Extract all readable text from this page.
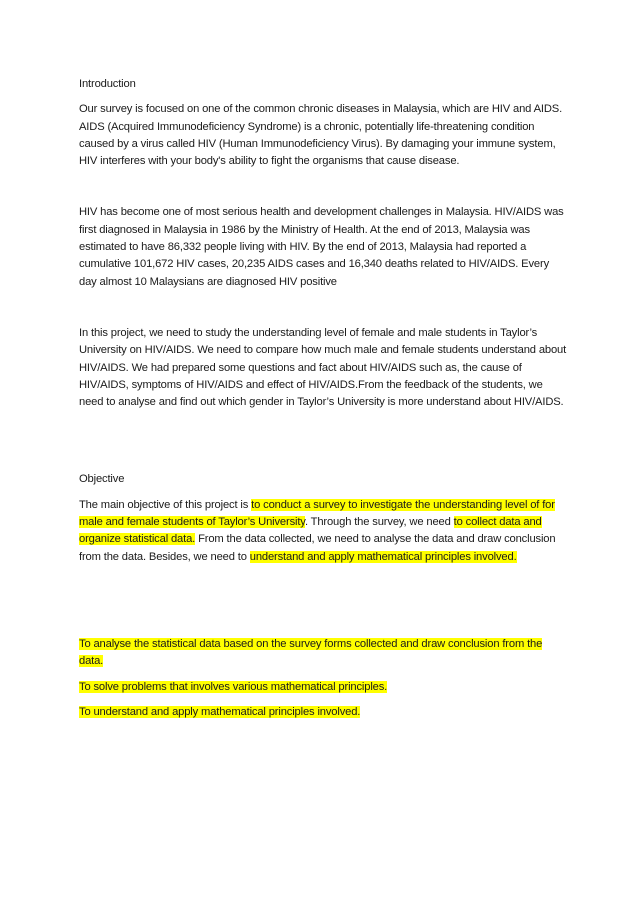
Introduction

Our survey is focused on one of the common chronic diseases in Malaysia, which are HIV and AIDS. AIDS (Acquired Immunodeficiency Syndrome) is a chronic, potentially life-threatening condition caused by a virus called HIV (Human Immunodeficiency Virus). By damaging your immune system, HIV interferes with your body's ability to fight the organisms that cause disease.

HIV has become one of most serious health and development challenges in Malaysia. HIV/AIDS was first diagnosed in Malaysia in 1986 by the Ministry of Health. At the end of 2013, Malaysia was estimated to have 86,332 people living with HIV. By the end of 2013, Malaysia had reported a cumulative 101,672 HIV cases, 20,235 AIDS cases and 16,340 deaths related to HIV/AIDS. Every day almost 10 Malaysians are diagnosed HIV positive

In this project, we need to study the understanding level of female and male students in Taylor’s University on HIV/AIDS. We need to compare how much male and female students understand about HIV/AIDS. We had prepared some questions and fact about HIV/AIDS such as, the cause of HIV/AIDS, symptoms of HIV/AIDS and effect of HIV/AIDS.From the feedback of the students, we need to analyse and find out which gender in Taylor’s University is more understand about HIV/AIDS.

Objective

The main objective of this project is to conduct a survey to investigate the understanding level of for male and female students of Taylor’s University. Through the survey, we need to collect data and organize statistical data. From the data collected, we need to analyse the data and draw conclusion from the data. Besides, we need to understand and apply mathematical principles involved.

To analyse the statistical data based on the survey forms collected and draw conclusion from the data.

To solve problems that involves various mathematical principles.

To understand and apply mathematical principles involved.
